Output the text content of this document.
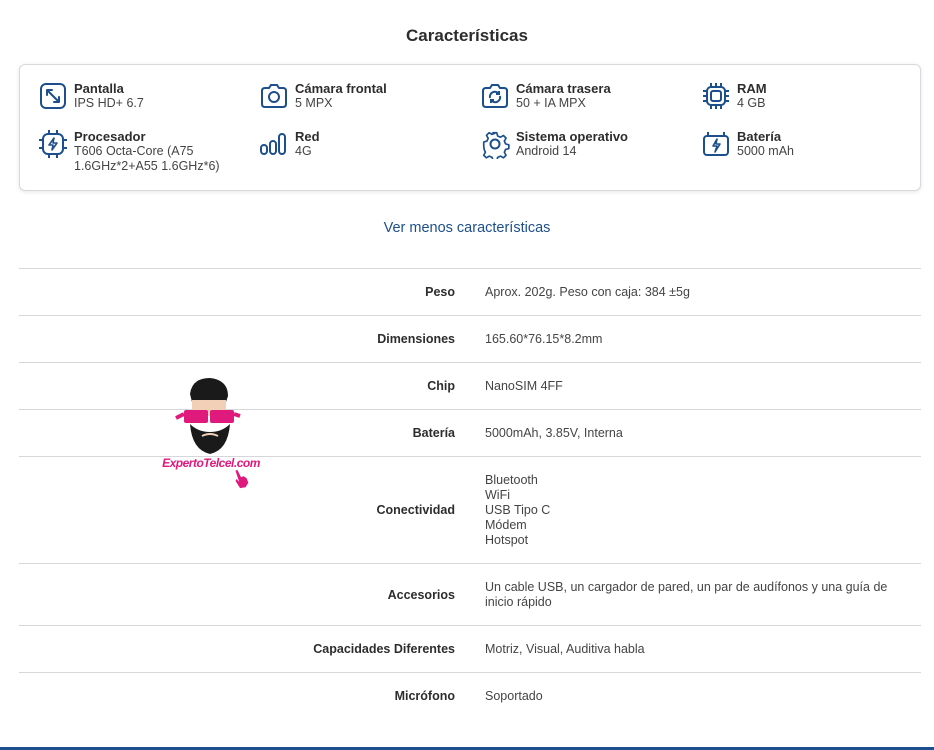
Características
Pantalla
IPS HD+ 6.7
Cámara frontal
5 MPX
Cámara trasera
50 + IA MPX
RAM
4 GB
Procesador
T606 Octa-Core (A75 1.6GHz*2+A55 1.6GHz*6)
Red
4G
Sistema operativo
Android 14
Batería
5000 mAh
Ver menos características
Peso Aprox. 202g. Peso con caja: 384 ±5g
Dimensiones 165.60*76.15*8.2mm
Chip NanoSIM 4FF
Batería 5000mAh, 3.85V, Interna
Conectividad
Bluetooth
WiFi
USB Tipo C
Módem
Hotspot
Accesorios
Un cable USB, un cargador de pared, un par de audífonos y una guía de inicio rápido
Capacidades Diferentes Motriz, Visual, Auditiva habla
Micrófono Soportado
ExpertoTelcel.com
